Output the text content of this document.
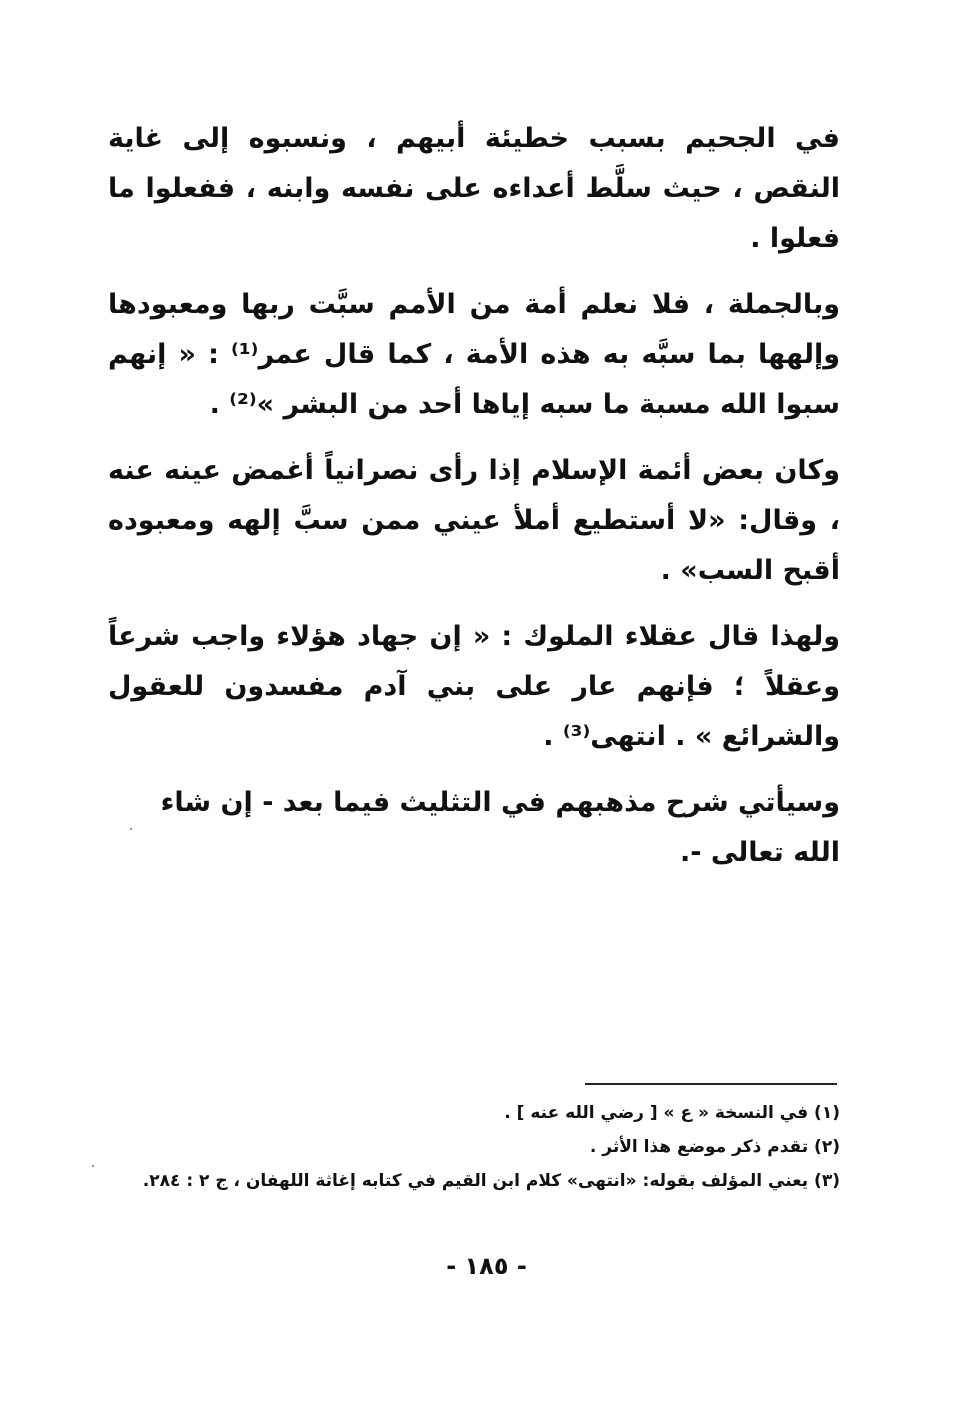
في الجحيم بسبب خطيئة أبيهم ، ونسبوه إلى غاية النقص ، حيث سلَّط أعداءه على نفسه وابنه ، ففعلوا ما فعلوا .

وبالجملة ، فلا نعلم أمة من الأمم سبَّت ربها ومعبودها وإلهها بما سبَّه به هذه الأمة ، كما قال عمر⁽¹⁾ : « إنهم سبوا الله مسبة ما سبه إياها أحد من البشر »⁽²⁾ .

وكان بعض أئمة الإسلام إذا رأى نصرانياً أغمض عينه عنه ، وقال: «لا أستطيع أملأ عيني ممن سبَّ إلهه ومعبوده أقبح السب» .

ولهذا قال عقلاء الملوك : « إن جهاد هؤلاء واجب شرعاً وعقلاً ؛ فإنهم عار على بني آدم مفسدون للعقول والشرائع » . انتهى⁽³⁾ .

وسيأتي شرح مذهبهم في التثليث فيما بعد - إن شاء الله تعالى -.

(١) في النسخة « ع » [ رضي الله عنه ] .

(٢) تقدم ذكر موضع هذا الأثر .

(٣) يعني المؤلف بقوله: «انتهى» كلام ابن القيم في كتابه إغاثة اللهفان ، ج ٢ : ٢٨٤.

- ١٨٥ -
